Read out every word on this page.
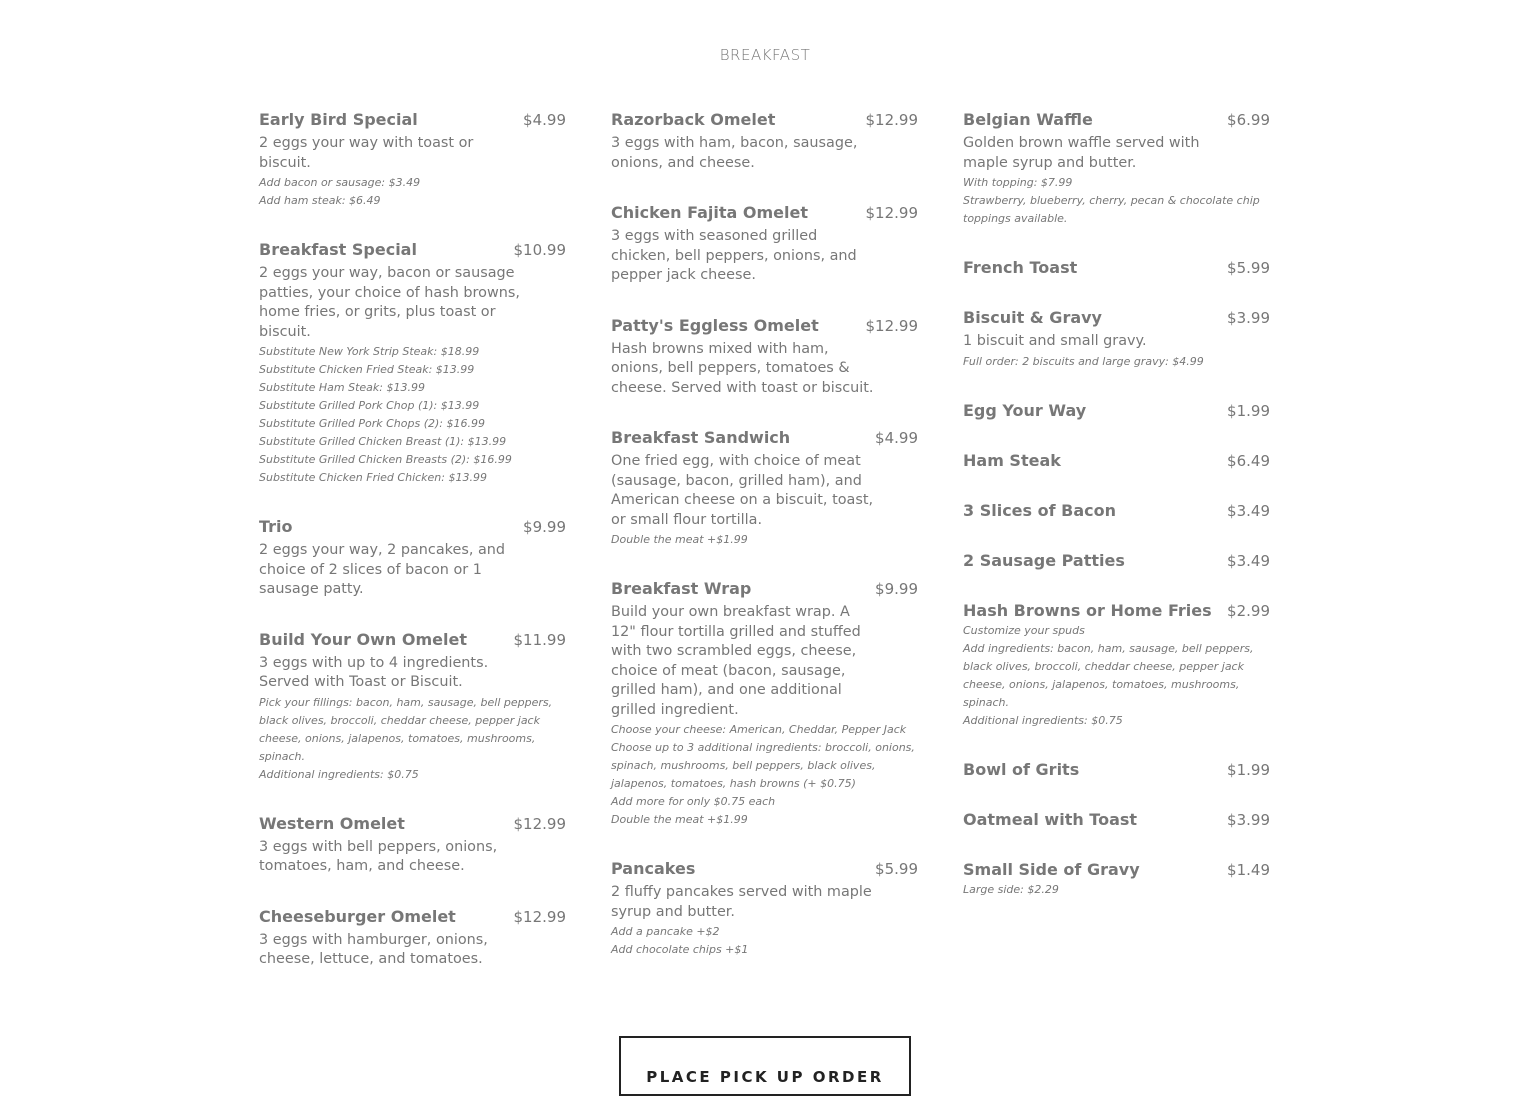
BREAKFAST
Early Bird Special	$4.99
2 eggs your way with toast or biscuit.
Add bacon or sausage: $3.49
Add ham steak: $6.49
Breakfast Special	$10.99
2 eggs your way, bacon or sausage patties, your choice of hash browns, home fries, or grits, plus toast or biscuit.
Substitute New York Strip Steak: $18.99
Substitute Chicken Fried Steak: $13.99
Substitute Ham Steak: $13.99
Substitute Grilled Pork Chop (1): $13.99
Substitute Grilled Pork Chops (2): $16.99
Substitute Grilled Chicken Breast (1): $13.99
Substitute Grilled Chicken Breasts (2): $16.99
Substitute Chicken Fried Chicken: $13.99
Trio	$9.99
2 eggs your way, 2 pancakes, and choice of 2 slices of bacon or 1 sausage patty.
Build Your Own Omelet	$11.99
3 eggs with up to 4 ingredients. Served with Toast or Biscuit.
Pick your fillings: bacon, ham, sausage, bell peppers, black olives, broccoli, cheddar cheese, pepper jack cheese, onions, jalapenos, tomatoes, mushrooms, spinach.
Additional ingredients: $0.75
Western Omelet	$12.99
3 eggs with bell peppers, onions, tomatoes, ham, and cheese.
Cheeseburger Omelet	$12.99
3 eggs with hamburger, onions, cheese, lettuce, and tomatoes.
Razorback Omelet	$12.99
3 eggs with ham, bacon, sausage, onions, and cheese.
Chicken Fajita Omelet	$12.99
3 eggs with seasoned grilled chicken, bell peppers, onions, and pepper jack cheese.
Patty's Eggless Omelet	$12.99
Hash browns mixed with ham, onions, bell peppers, tomatoes & cheese. Served with toast or biscuit.
Breakfast Sandwich	$4.99
One fried egg, with choice of meat (sausage, bacon, grilled ham), and American cheese on a biscuit, toast, or small flour tortilla.
Double the meat +$1.99
Breakfast Wrap	$9.99
Build your own breakfast wrap. A 12" flour tortilla grilled and stuffed with two scrambled eggs, cheese, choice of meat (bacon, sausage, grilled ham), and one additional grilled ingredient.
Choose your cheese: American, Cheddar, Pepper Jack
Choose up to 3 additional ingredients: broccoli, onions, spinach, mushrooms, bell peppers, black olives, jalapenos, tomatoes, hash browns (+ $0.75)
Add more for only $0.75 each
Double the meat +$1.99
Pancakes	$5.99
2 fluffy pancakes served with maple syrup and butter.
Add a pancake +$2
Add chocolate chips +$1
Belgian Waffle	$6.99
Golden brown waffle served with maple syrup and butter.
With topping: $7.99
Strawberry, blueberry, cherry, pecan & chocolate chip toppings available.
French Toast	$5.99
Biscuit & Gravy	$3.99
1 biscuit and small gravy.
Full order: 2 biscuits and large gravy: $4.99
Egg Your Way	$1.99
Ham Steak	$6.49
3 Slices of Bacon	$3.49
2 Sausage Patties	$3.49
Hash Browns or Home Fries $2.99
Customize your spuds
Add ingredients: bacon, ham, sausage, bell peppers, black olives, broccoli, cheddar cheese, pepper jack cheese, onions, jalapenos, tomatoes, mushrooms, spinach.
Additional ingredients: $0.75
Bowl of Grits	$1.99
Oatmeal with Toast	$3.99
Small Side of Gravy	$1.49
Large side: $2.29
PLACE PICK UP ORDER
